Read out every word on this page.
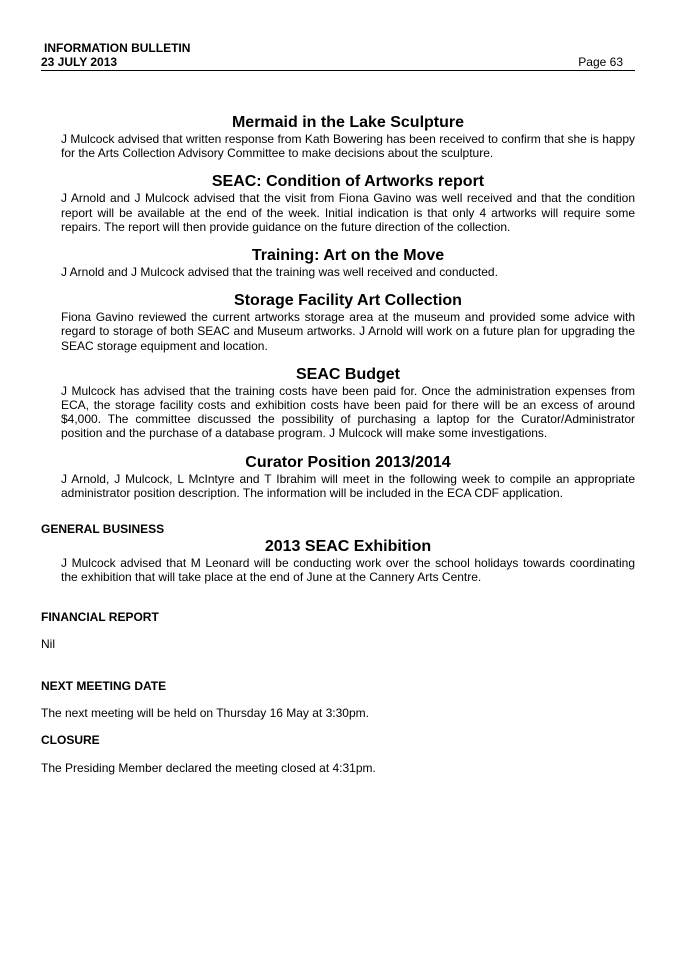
INFORMATION BULLETIN
23 JULY 2013	Page 63
Mermaid in the Lake Sculpture
J Mulcock advised that written response from Kath Bowering has been received to confirm that she is happy for the Arts Collection Advisory Committee to make decisions about the sculpture.
SEAC: Condition of Artworks report
J Arnold and J Mulcock advised that the visit from Fiona Gavino was well received and that the condition report will be available at the end of the week. Initial indication is that only 4 artworks will require some repairs. The report will then provide guidance on the future direction of the collection.
Training: Art on the Move
J Arnold and J Mulcock advised that the training was well received and conducted.
Storage Facility Art Collection
Fiona Gavino reviewed the current artworks storage area at the museum and provided some advice with regard to storage of both SEAC and Museum artworks. J Arnold will work on a future plan for upgrading the SEAC storage equipment and location.
SEAC Budget
J Mulcock has advised that the training costs have been paid for. Once the administration expenses from ECA, the storage facility costs and exhibition costs have been paid for there will be an excess of around $4,000. The committee discussed the possibility of purchasing a laptop for the Curator/Administrator position and the purchase of a database program. J Mulcock will make some investigations.
Curator Position 2013/2014
J Arnold, J Mulcock, L McIntyre and T Ibrahim will meet in the following week to compile an appropriate administrator position description. The information will be included in the ECA CDF application.
GENERAL BUSINESS
2013 SEAC Exhibition
J Mulcock advised that M Leonard will be conducting work over the school holidays towards coordinating the exhibition that will take place at the end of June at the Cannery Arts Centre.
FINANCIAL REPORT
Nil
NEXT MEETING DATE
The next meeting will be held on Thursday 16 May at 3:30pm.
CLOSURE
The Presiding Member declared the meeting closed at 4:31pm.
